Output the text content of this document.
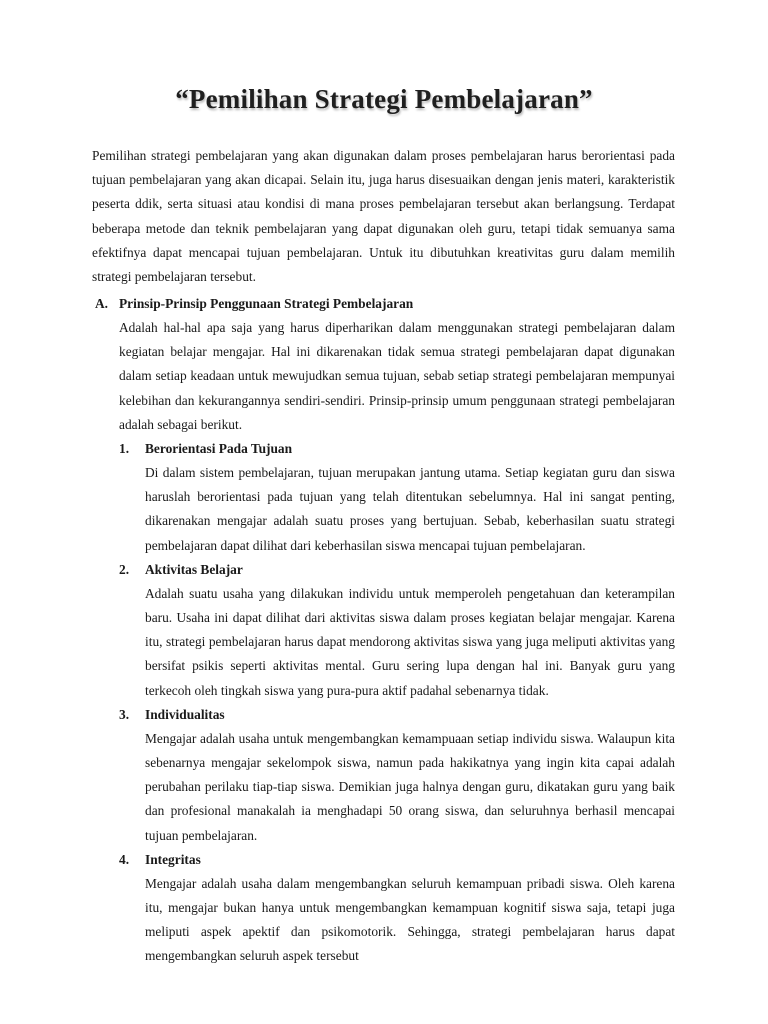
“Pemilihan Strategi Pembelajaran”

Pemilihan strategi pembelajaran yang akan digunakan dalam proses pembelajaran harus berorientasi pada tujuan pembelajaran yang akan dicapai. Selain itu, juga harus disesuaikan dengan jenis materi, karakteristik peserta ddik, serta situasi atau kondisi di mana proses pembelajaran tersebut akan berlangsung. Terdapat beberapa metode dan teknik pembelajaran yang dapat digunakan oleh guru, tetapi tidak semuanya sama efektifnya dapat mencapai tujuan pembelajaran. Untuk itu dibutuhkan kreativitas guru dalam memilih strategi pembelajaran tersebut.

A. Prinsip-Prinsip Penggunaan Strategi Pembelajaran

Adalah hal-hal apa saja yang harus diperharikan dalam menggunakan strategi pembelajaran dalam kegiatan belajar mengajar. Hal ini dikarenakan tidak semua strategi pembelajaran dapat digunakan dalam setiap keadaan untuk mewujudkan semua tujuan, sebab setiap strategi pembelajaran mempunyai kelebihan dan kekurangannya sendiri-sendiri. Prinsip-prinsip umum penggunaan strategi pembelajaran adalah sebagai berikut.

1. Berorientasi Pada Tujuan

Di dalam sistem pembelajaran, tujuan merupakan jantung utama. Setiap kegiatan guru dan siswa haruslah berorientasi pada tujuan yang telah ditentukan sebelumnya. Hal ini sangat penting, dikarenakan mengajar adalah suatu proses yang bertujuan. Sebab, keberhasilan suatu strategi pembelajaran dapat dilihat dari keberhasilan siswa mencapai tujuan pembelajaran.

2. Aktivitas Belajar

Adalah suatu usaha yang dilakukan individu untuk memperoleh pengetahuan dan keterampilan baru. Usaha ini dapat dilihat dari aktivitas siswa dalam proses kegiatan belajar mengajar. Karena itu, strategi pembelajaran harus dapat mendorong aktivitas siswa yang juga meliputi aktivitas yang bersifat psikis seperti aktivitas mental. Guru sering lupa dengan hal ini. Banyak guru yang terkecoh oleh tingkah siswa yang pura-pura aktif padahal sebenarnya tidak.

3. Individualitas

Mengajar adalah usaha untuk mengembangkan kemampuaan setiap individu siswa. Walaupun kita sebenarnya mengajar sekelompok siswa, namun pada hakikatnya yang ingin kita capai adalah perubahan perilaku tiap-tiap siswa. Demikian juga halnya dengan guru, dikatakan guru yang baik dan profesional manakalah ia menghadapi 50 orang siswa, dan seluruhnya berhasil mencapai tujuan pembelajaran.

4. Integritas

Mengajar adalah usaha dalam mengembangkan seluruh kemampuan pribadi siswa. Oleh karena itu, mengajar bukan hanya untuk mengembangkan kemampuan kognitif siswa saja, tetapi juga meliputi aspek apektif dan psikomotorik. Sehingga, strategi pembelajaran harus dapat mengembangkan seluruh aspek tersebut
